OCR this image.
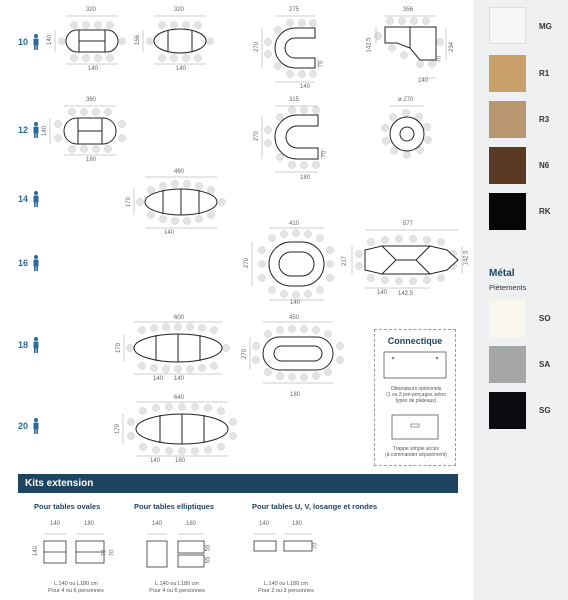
MG
R1
R3
N6
RK
Métal
Piètements
SO
SA
SG
10
12
14
16
18
20
320
140
140
320
156
140
275
270
70
140
356
142.5	234
70
140
360
140
180
315
270
70
180
ø 270
460
170
140
410
270
140
577
217	142.5
140 142.5
600
170
140 140
450
270
180
640
170
140 180
Connectique
Obturateurs optionnels
(1 ou 2 pré-perçages selon
types de plateaux)
Trappe simple accès
(à commander séparément)
Kits extension
Pour tables ovales	Pour tables elliptiques	Pour tables U, V, losange et rondes
140	180
140	70 70
140	180
55
55
140	180
70
L.140 ou L180 cm
Pour 4 ou 6 personnes
L.140 ou L180 cm
Pour 4 ou 6 personnes
L.140 ou L180 cm
Pour 2 ou 3 personnes
